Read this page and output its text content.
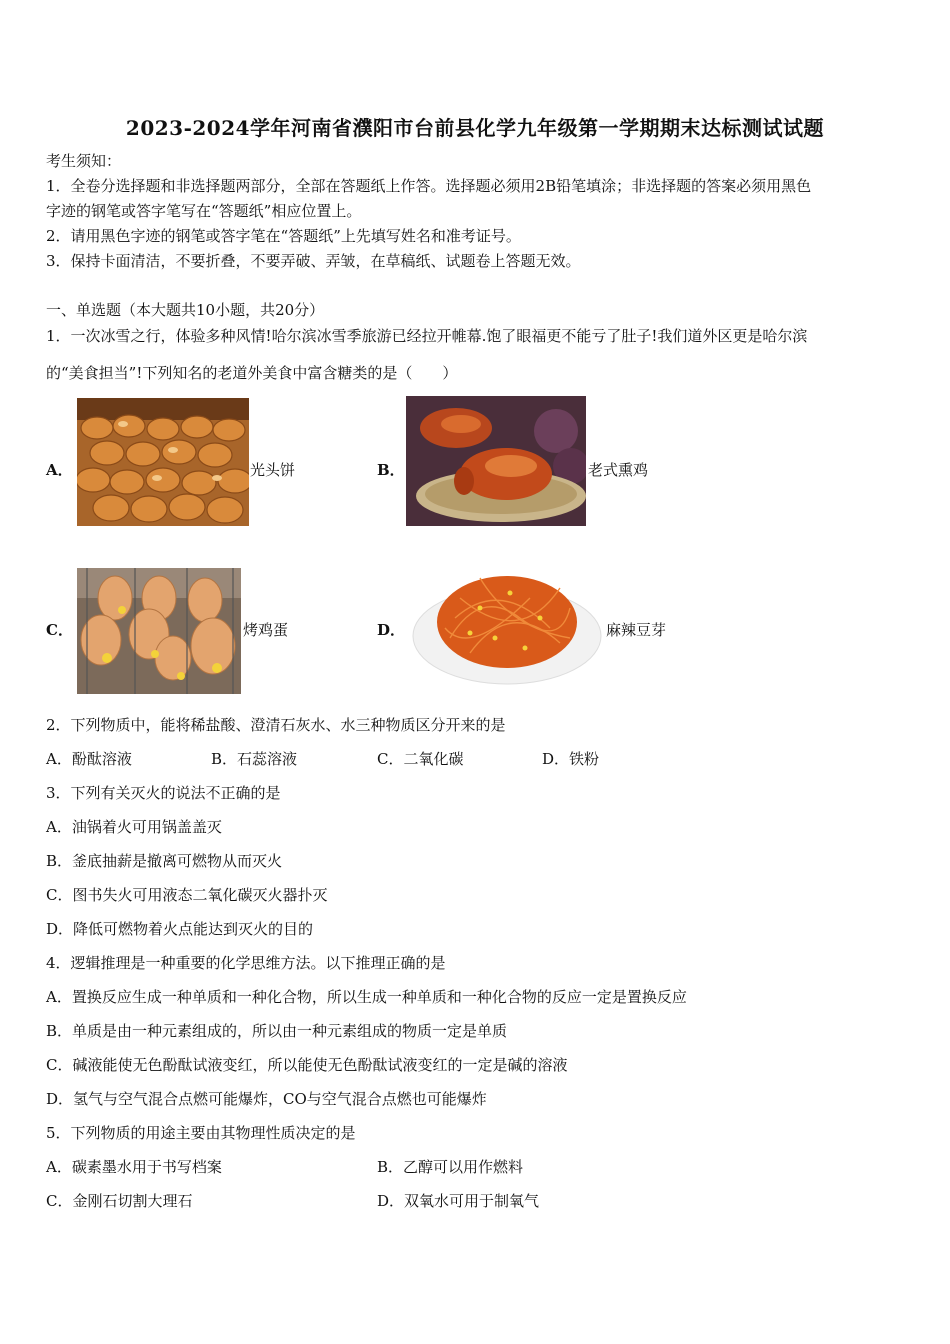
2023-2024学年河南省濮阳市台前县化学九年级第一学期期末达标测试试题
考生须知：
1．全卷分选择题和非选择题两部分，全部在答题纸上作答。选择题必须用2B铅笔填涂；非选择题的答案必须用黑色
字迹的钢笔或答字笔写在“答题纸”相应位置上。
2．请用黑色字迹的钢笔或答字笔在“答题纸”上先填写姓名和准考证号。
3．保持卡面清洁，不要折叠，不要弄破、弄皱，在草稿纸、试题卷上答题无效。
一、单选题（本大题共10小题，共20分）
1．一次冰雪之行，体验多种风情!哈尔滨冰雪季旅游已经拉开帷幕.饱了眼福更不能亏了肚子!我们道外区更是哈尔滨
的“美食担当”!下列知名的老道外美食中富含糖类的是（　　）
A．	光头饼	B．	老式熏鸡
C．	烤鸡蛋	D．	麻辣豆芽
2．下列物质中，能将稀盐酸、澄清石灰水、水三种物质区分开来的是
A．酚酞溶液	B．石蕊溶液	C．二氧化碳	D．铁粉
3．下列有关灭火的说法不正确的是
A．油锅着火可用锅盖盖灭
B．釜底抽薪是撤离可燃物从而灭火
C．图书失火可用液态二氧化碳灭火器扑灭
D．降低可燃物着火点能达到灭火的目的
4．逻辑推理是一种重要的化学思维方法。以下推理正确的是
A．置换反应生成一种单质和一种化合物，所以生成一种单质和一种化合物的反应一定是置换反应
B．单质是由一种元素组成的，所以由一种元素组成的物质一定是单质
C．碱液能使无色酚酞试液变红，所以能使无色酚酞试液变红的一定是碱的溶液
D．氢气与空气混合点燃可能爆炸，CO与空气混合点燃也可能爆炸
5．下列物质的用途主要由其物理性质决定的是
A．碳素墨水用于书写档案	B．乙醇可以用作燃料
C．金刚石切割大理石	D．双氧水可用于制氧气
